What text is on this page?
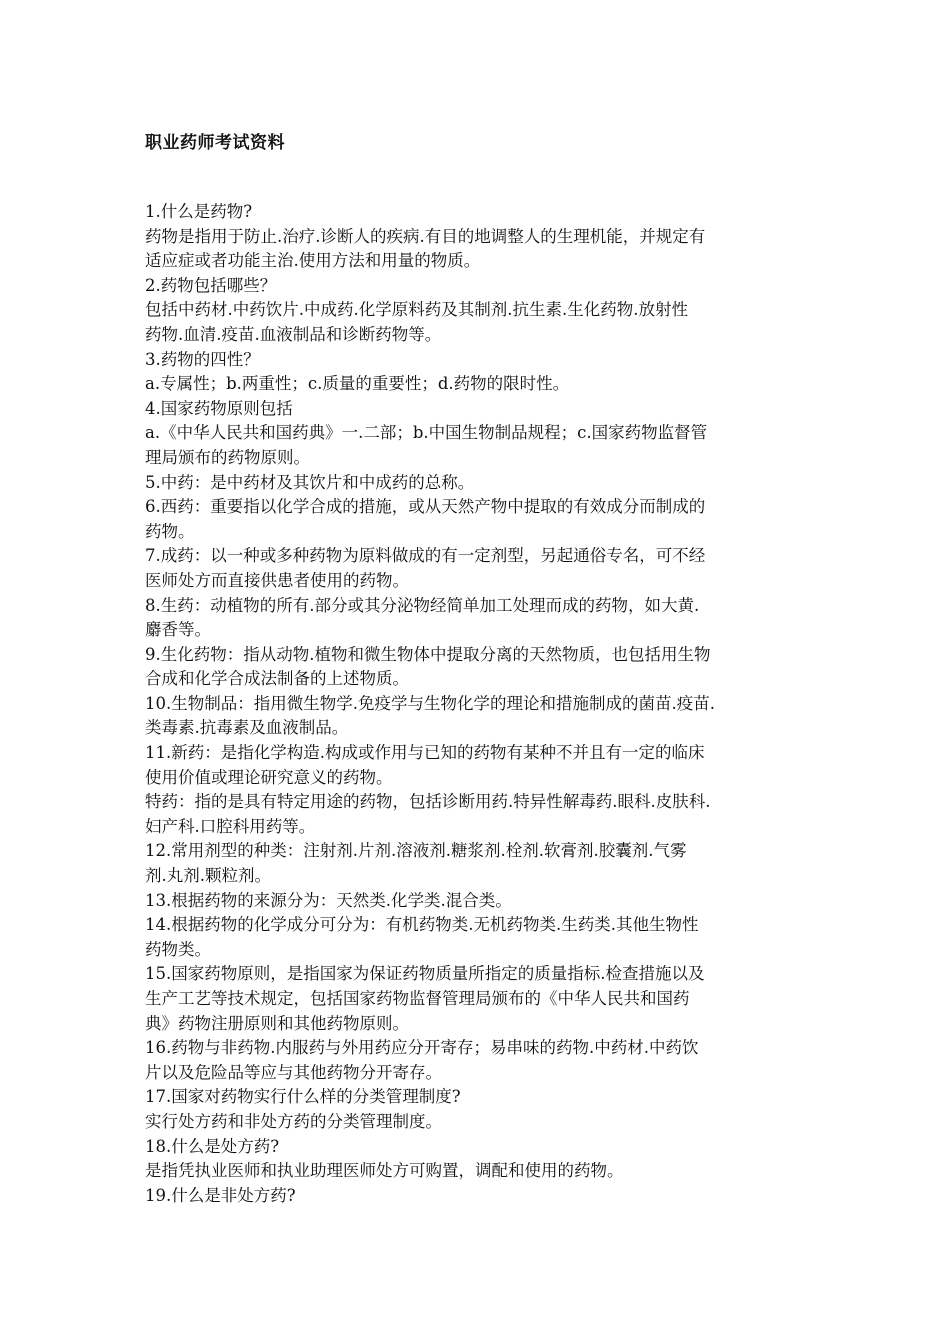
职业药师考试资料
1.什么是药物?
药物是指用于防止.治疗.诊断人的疾病.有目的地调整人的生理机能，并规定有
适应症或者功能主治.使用方法和用量的物质。
2.药物包括哪些？
包括中药材.中药饮片.中成药.化学原料药及其制剂.抗生素.生化药物.放射性
药物.血清.疫苗.血液制品和诊断药物等。
3.药物的四性？
a.专属性；b.两重性；c.质量的重要性；d.药物的限时性。
4.国家药物原则包括
a.《中华人民共和国药典》一.二部；b.中国生物制品规程；c.国家药物监督管
理局颁布的药物原则。
5.中药：是中药材及其饮片和中成药的总称。
6.西药：重要指以化学合成的措施，或从天然产物中提取的有效成分而制成的
药物。
7.成药：以一种或多种药物为原料做成的有一定剂型，另起通俗专名，可不经
医师处方而直接供患者使用的药物。
8.生药：动植物的所有.部分或其分泌物经简单加工处理而成的药物，如大黄.
麝香等。
9.生化药物：指从动物.植物和微生物体中提取分离的天然物质，也包括用生物
合成和化学合成法制备的上述物质。
10.生物制品：指用微生物学.免疫学与生物化学的理论和措施制成的菌苗.疫苗.
类毒素.抗毒素及血液制品。
11.新药：是指化学构造.构成或作用与已知的药物有某种不并且有一定的临床
使用价值或理论研究意义的药物。
特药：指的是具有特定用途的药物，包括诊断用药.特异性解毒药.眼科.皮肤科.
妇产科.口腔科用药等。
12.常用剂型的种类：注射剂.片剂.溶液剂.糖浆剂.栓剂.软膏剂.胶囊剂.气雾
剂.丸剂.颗粒剂。
13.根据药物的来源分为：天然类.化学类.混合类。
14.根据药物的化学成分可分为：有机药物类.无机药物类.生药类.其他生物性
药物类。
15.国家药物原则，是指国家为保证药物质量所指定的质量指标.检查措施以及
生产工艺等技术规定，包括国家药物监督管理局颁布的《中华人民共和国药
典》药物注册原则和其他药物原则。
16.药物与非药物.内服药与外用药应分开寄存；易串味的药物.中药材.中药饮
片以及危险品等应与其他药物分开寄存。
17.国家对药物实行什么样的分类管理制度?
实行处方药和非处方药的分类管理制度。
18.什么是处方药?
是指凭执业医师和执业助理医师处方可购置，调配和使用的药物。
19.什么是非处方药?
